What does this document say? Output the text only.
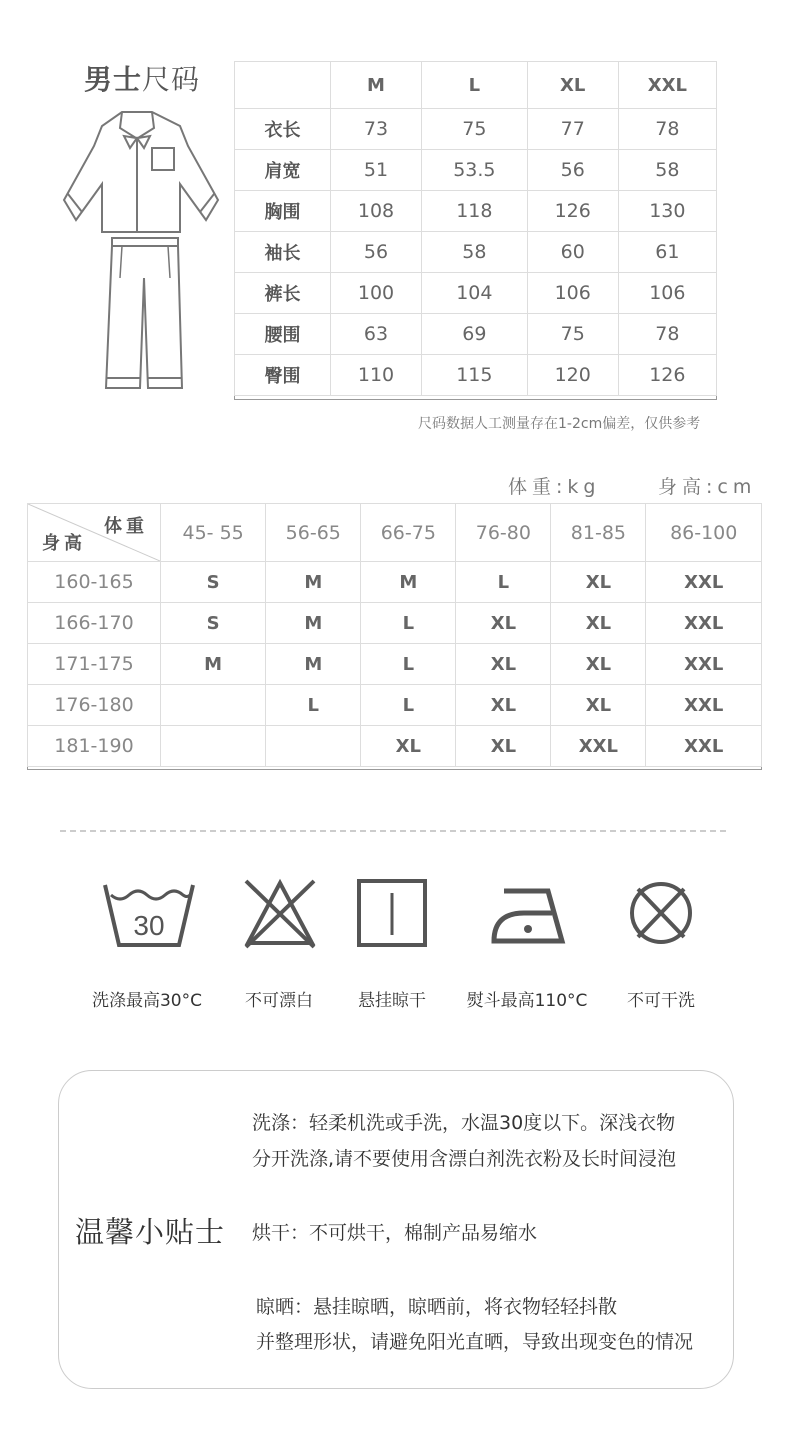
男士尺码
		M	L	XL	XXL
衣长	73	75	77	78
肩宽	51	53.5	56	58
胸围	108	118	126	130
袖长	56	58	60	61
裤长	100	104	106	106
腰围	63	69	75	78
臀围	110	115	120	126
尺码数据人工测量存在1-2cm偏差，仅供参考
体重:kg	身高:cm
体重
身高	45- 55	56-65	66-75	76-80	81-85	86-100
160-165	S	M	M	L	XL	XXL
166-170	S	M	L	XL	XL	XXL
171-175	M	M	L	XL	XL	XXL
176-180		L	L	XL	XL	XXL
181-190			XL	XL	XXL	XXL
30
洗涤最高30°C	不可漂白	悬挂晾干	熨斗最高110°C	不可干洗
温馨小贴士
洗涤：轻柔机洗或手洗，水温30度以下。深浅衣物
分开洗涤,请不要使用含漂白剂洗衣粉及长时间浸泡
烘干：不可烘干，棉制产品易缩水
晾晒：悬挂晾晒，晾晒前，将衣物轻轻抖散
并整理形状，请避免阳光直晒，导致出现变色的情况
